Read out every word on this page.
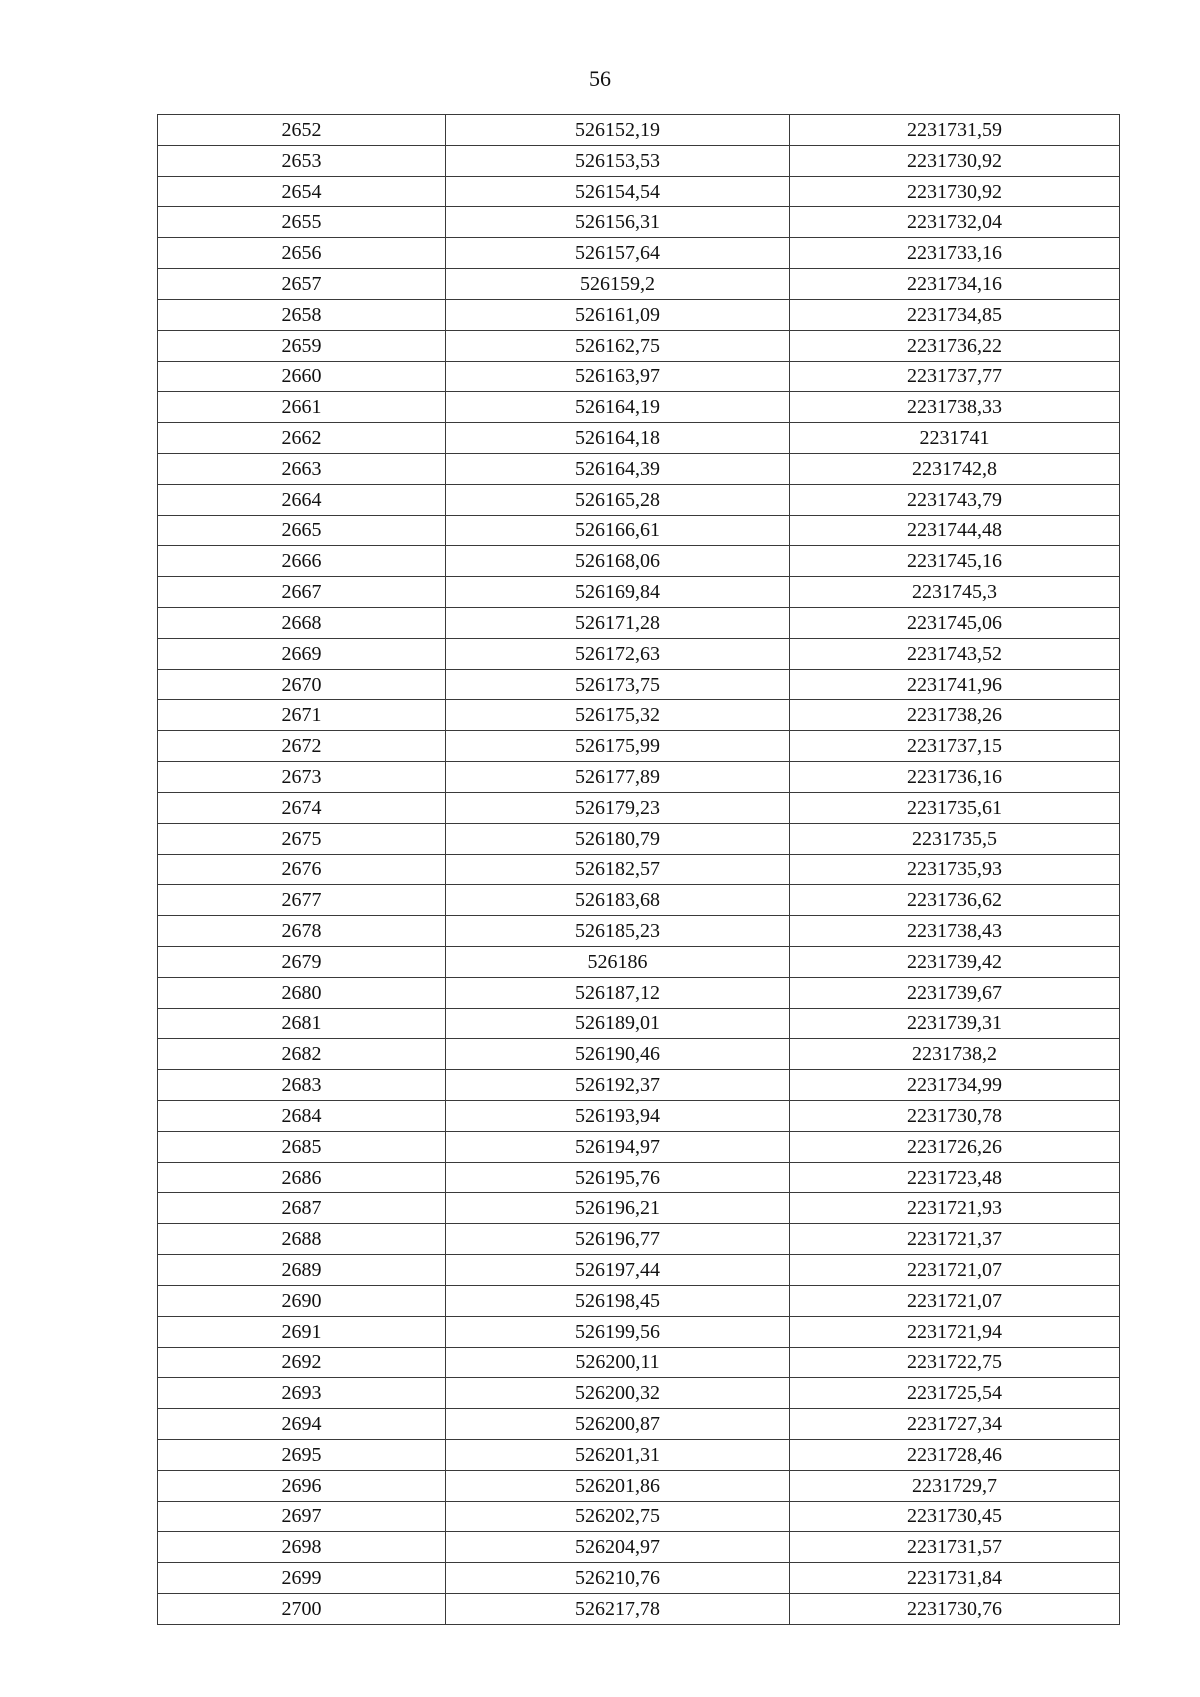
56
2652	526152,19	2231731,59
2653	526153,53	2231730,92
2654	526154,54	2231730,92
2655	526156,31	2231732,04
2656	526157,64	2231733,16
2657	526159,2	2231734,16
2658	526161,09	2231734,85
2659	526162,75	2231736,22
2660	526163,97	2231737,77
2661	526164,19	2231738,33
2662	526164,18	2231741
2663	526164,39	2231742,8
2664	526165,28	2231743,79
2665	526166,61	2231744,48
2666	526168,06	2231745,16
2667	526169,84	2231745,3
2668	526171,28	2231745,06
2669	526172,63	2231743,52
2670	526173,75	2231741,96
2671	526175,32	2231738,26
2672	526175,99	2231737,15
2673	526177,89	2231736,16
2674	526179,23	2231735,61
2675	526180,79	2231735,5
2676	526182,57	2231735,93
2677	526183,68	2231736,62
2678	526185,23	2231738,43
2679	526186	2231739,42
2680	526187,12	2231739,67
2681	526189,01	2231739,31
2682	526190,46	2231738,2
2683	526192,37	2231734,99
2684	526193,94	2231730,78
2685	526194,97	2231726,26
2686	526195,76	2231723,48
2687	526196,21	2231721,93
2688	526196,77	2231721,37
2689	526197,44	2231721,07
2690	526198,45	2231721,07
2691	526199,56	2231721,94
2692	526200,11	2231722,75
2693	526200,32	2231725,54
2694	526200,87	2231727,34
2695	526201,31	2231728,46
2696	526201,86	2231729,7
2697	526202,75	2231730,45
2698	526204,97	2231731,57
2699	526210,76	2231731,84
2700	526217,78	2231730,76
